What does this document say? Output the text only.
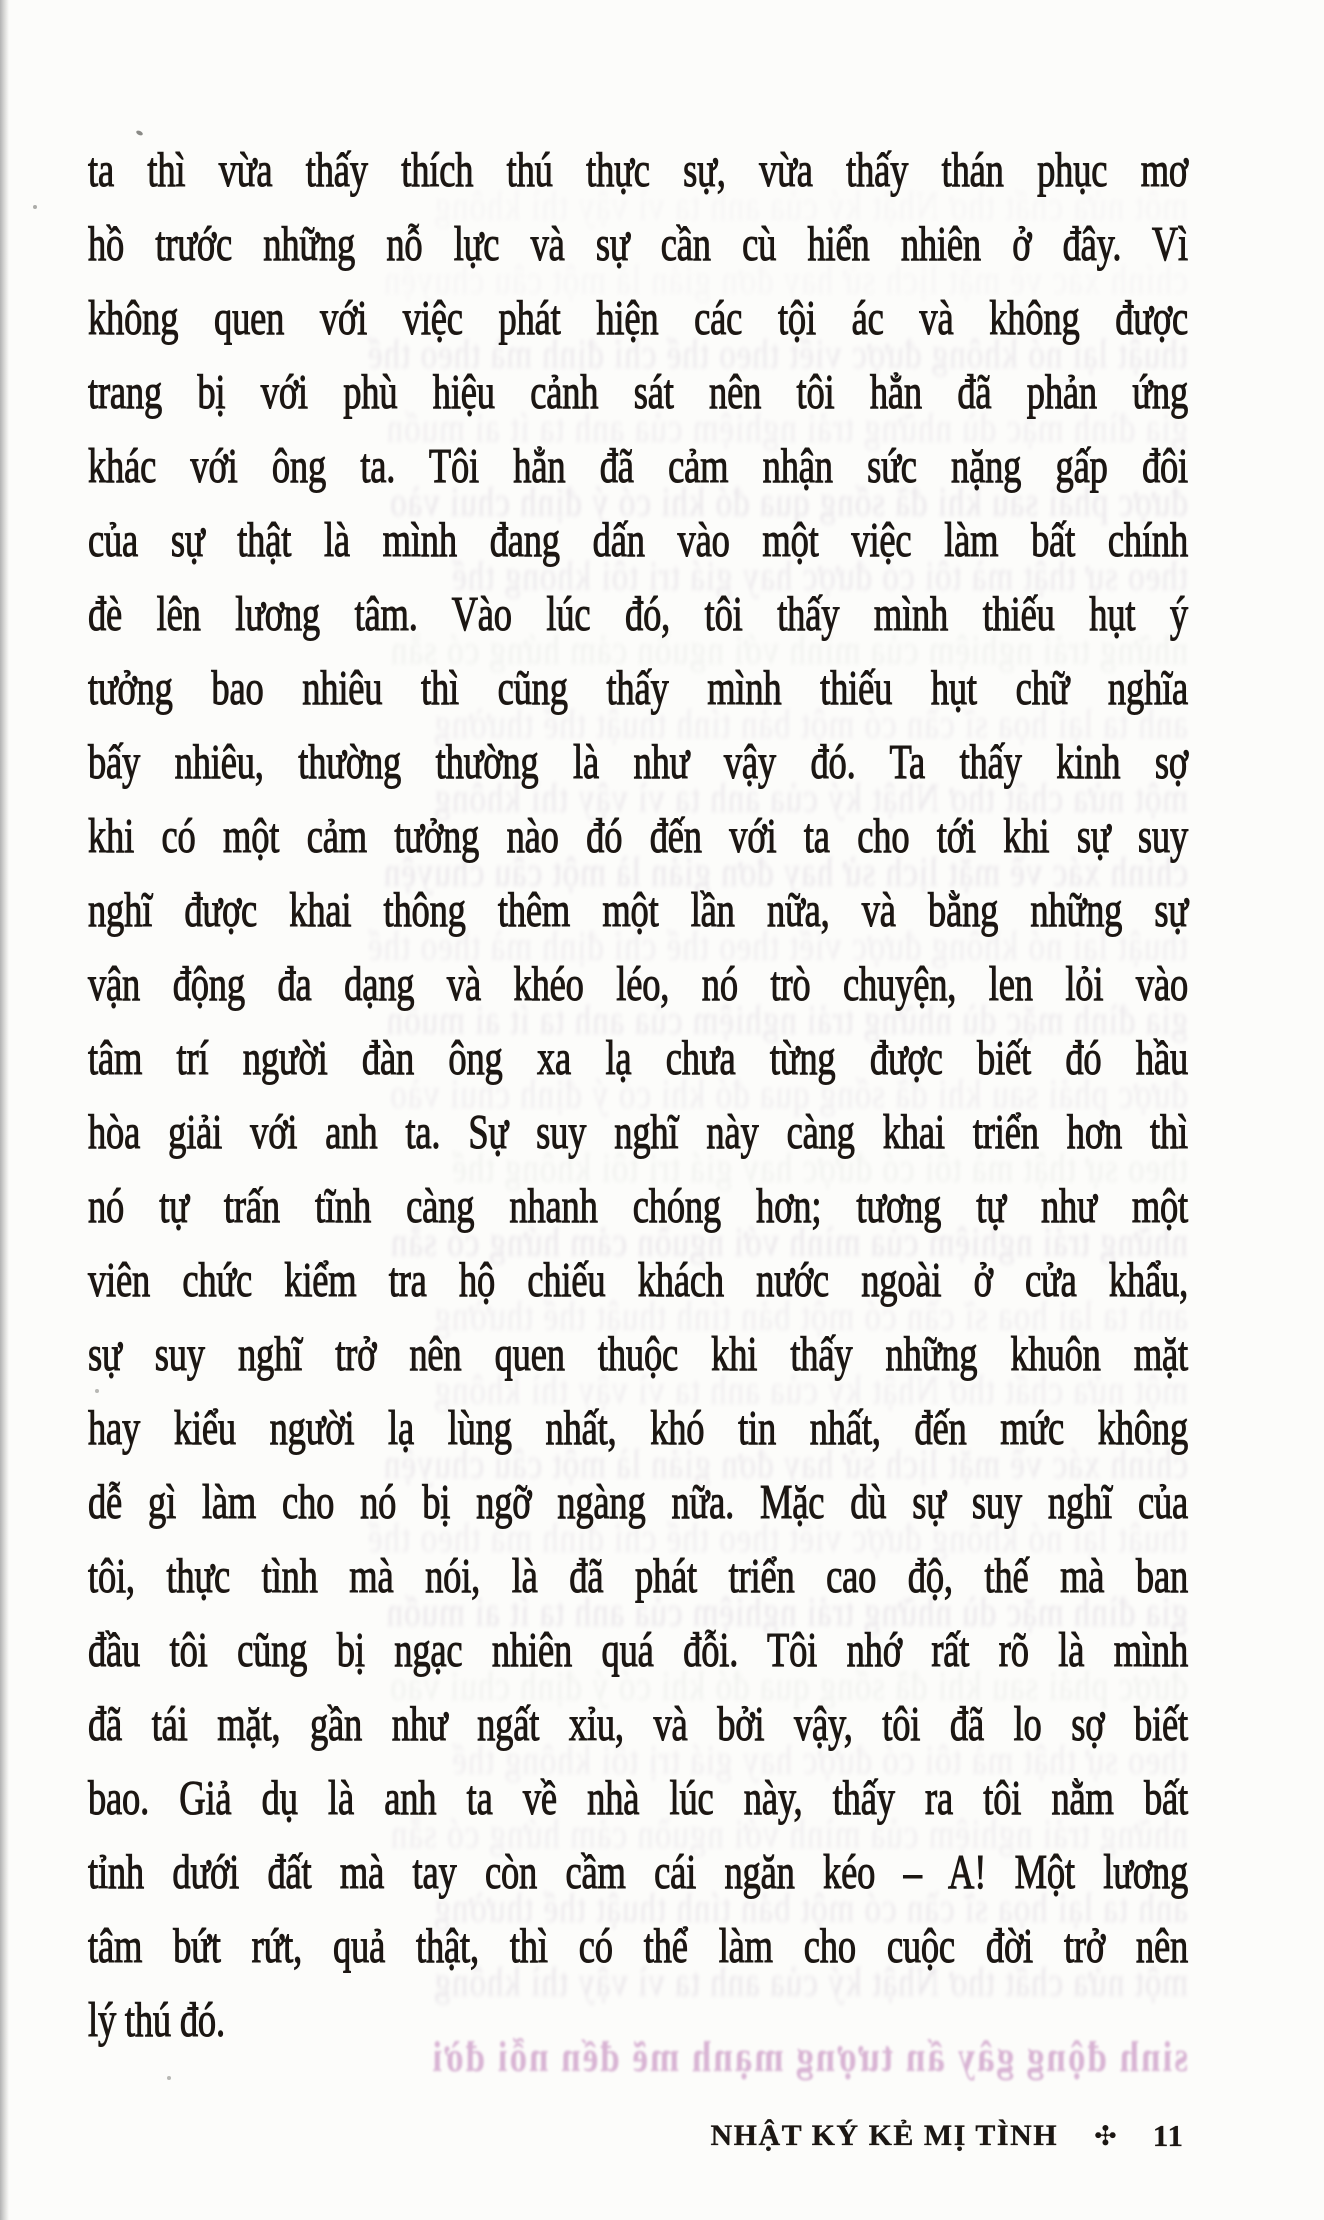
một nửa chất thơ Nhật ký của anh ta vì vậy thì không
chính xác về mặt lịch sử hay đơn giản là một câu chuyện
thuật lại nó không được viết theo thể chỉ định mà theo thể
gia đình mặc dù những trải nghiệm của anh ta ít ai muốn
được phải sau khi đã sống qua đó khi có ý định chui vào
theo sự thật mà tôi có được hay giá trị tôi không thể
những trải nghiệm của mình với nguồn cảm hứng có sẵn
anh ta lại họa sĩ cần có một bản tính thuật thể thường
một nửa chất thơ Nhật ký của anh ta vì vậy thì không
chính xác về mặt lịch sử hay đơn giản là một câu chuyện
thuật lại nó không được viết theo thể chỉ định mà theo thể
gia đình mặc dù những trải nghiệm của anh ta ít ai muốn
được phải sau khi đã sống qua đó khi có ý định chui vào
theo sự thật mà tôi có được hay giá trị tôi không thể
những trải nghiệm của mình với nguồn cảm hứng có sẵn
anh ta lại họa sĩ cần có một bản tính thuật thể thường
một nửa chất thơ Nhật ký của anh ta vì vậy thì không
chính xác về mặt lịch sử hay đơn giản là một câu chuyện
thuật lại nó không được viết theo thể chỉ định mà theo thể
gia đình mặc dù những trải nghiệm của anh ta ít ai muốn
được phải sau khi đã sống qua đó khi có ý định chui vào
theo sự thật mà tôi có được hay giá trị tôi không thể
những trải nghiệm của mình với nguồn cảm hứng có sẵn
anh ta lại họa sĩ cần có một bản tính thuật thể thường
một nửa chất thơ Nhật ký của anh ta vì vậy thì không
sinh động gây ấn tượng mạnh mẽ đến nỗi đời
ta thì vừa thấy thích thú thực sự, vừa thấy thán phục mơ
hồ trước những nỗ lực và sự cần cù hiển nhiên ở đây. Vì
không quen với việc phát hiện các tội ác và không được
trang bị với phù hiệu cảnh sát nên tôi hẳn đã phản ứng
khác với ông ta. Tôi hẳn đã cảm nhận sức nặng gấp đôi
của sự thật là mình đang dấn vào một việc làm bất chính
đè lên lương tâm. Vào lúc đó, tôi thấy mình thiếu hụt ý
tưởng bao nhiêu thì cũng thấy mình thiếu hụt chữ nghĩa
bấy nhiêu, thường thường là như vậy đó. Ta thấy kinh sợ
khi có một cảm tưởng nào đó đến với ta cho tới khi sự suy
nghĩ được khai thông thêm một lần nữa, và bằng những sự
vận động đa dạng và khéo léo, nó trò chuyện, len lỏi vào
tâm trí người đàn ông xa lạ chưa từng được biết đó hầu
hòa giải với anh ta. Sự suy nghĩ này càng khai triển hơn thì
nó tự trấn tĩnh càng nhanh chóng hơn; tương tự như một
viên chức kiểm tra hộ chiếu khách nước ngoài ở cửa khẩu,
sự suy nghĩ trở nên quen thuộc khi thấy những khuôn mặt
hay kiểu người lạ lùng nhất, khó tin nhất, đến mức không
dễ gì làm cho nó bị ngỡ ngàng nữa. Mặc dù sự suy nghĩ của
tôi, thực tình mà nói, là đã phát triển cao độ, thế mà ban
đầu tôi cũng bị ngạc nhiên quá đỗi. Tôi nhớ rất rõ là mình
đã tái mặt, gần như ngất xỉu, và bởi vậy, tôi đã lo sợ biết
bao. Giả dụ là anh ta về nhà lúc này, thấy ra tôi nằm bất
tỉnh dưới đất mà tay còn cầm cái ngăn kéo – A! Một lương
tâm bứt rứt, quả thật, thì có thể làm cho cuộc đời trở nên
lý thú đó.
NHẬT KÝ KẺ MỊ TÌNH ✣ 11
